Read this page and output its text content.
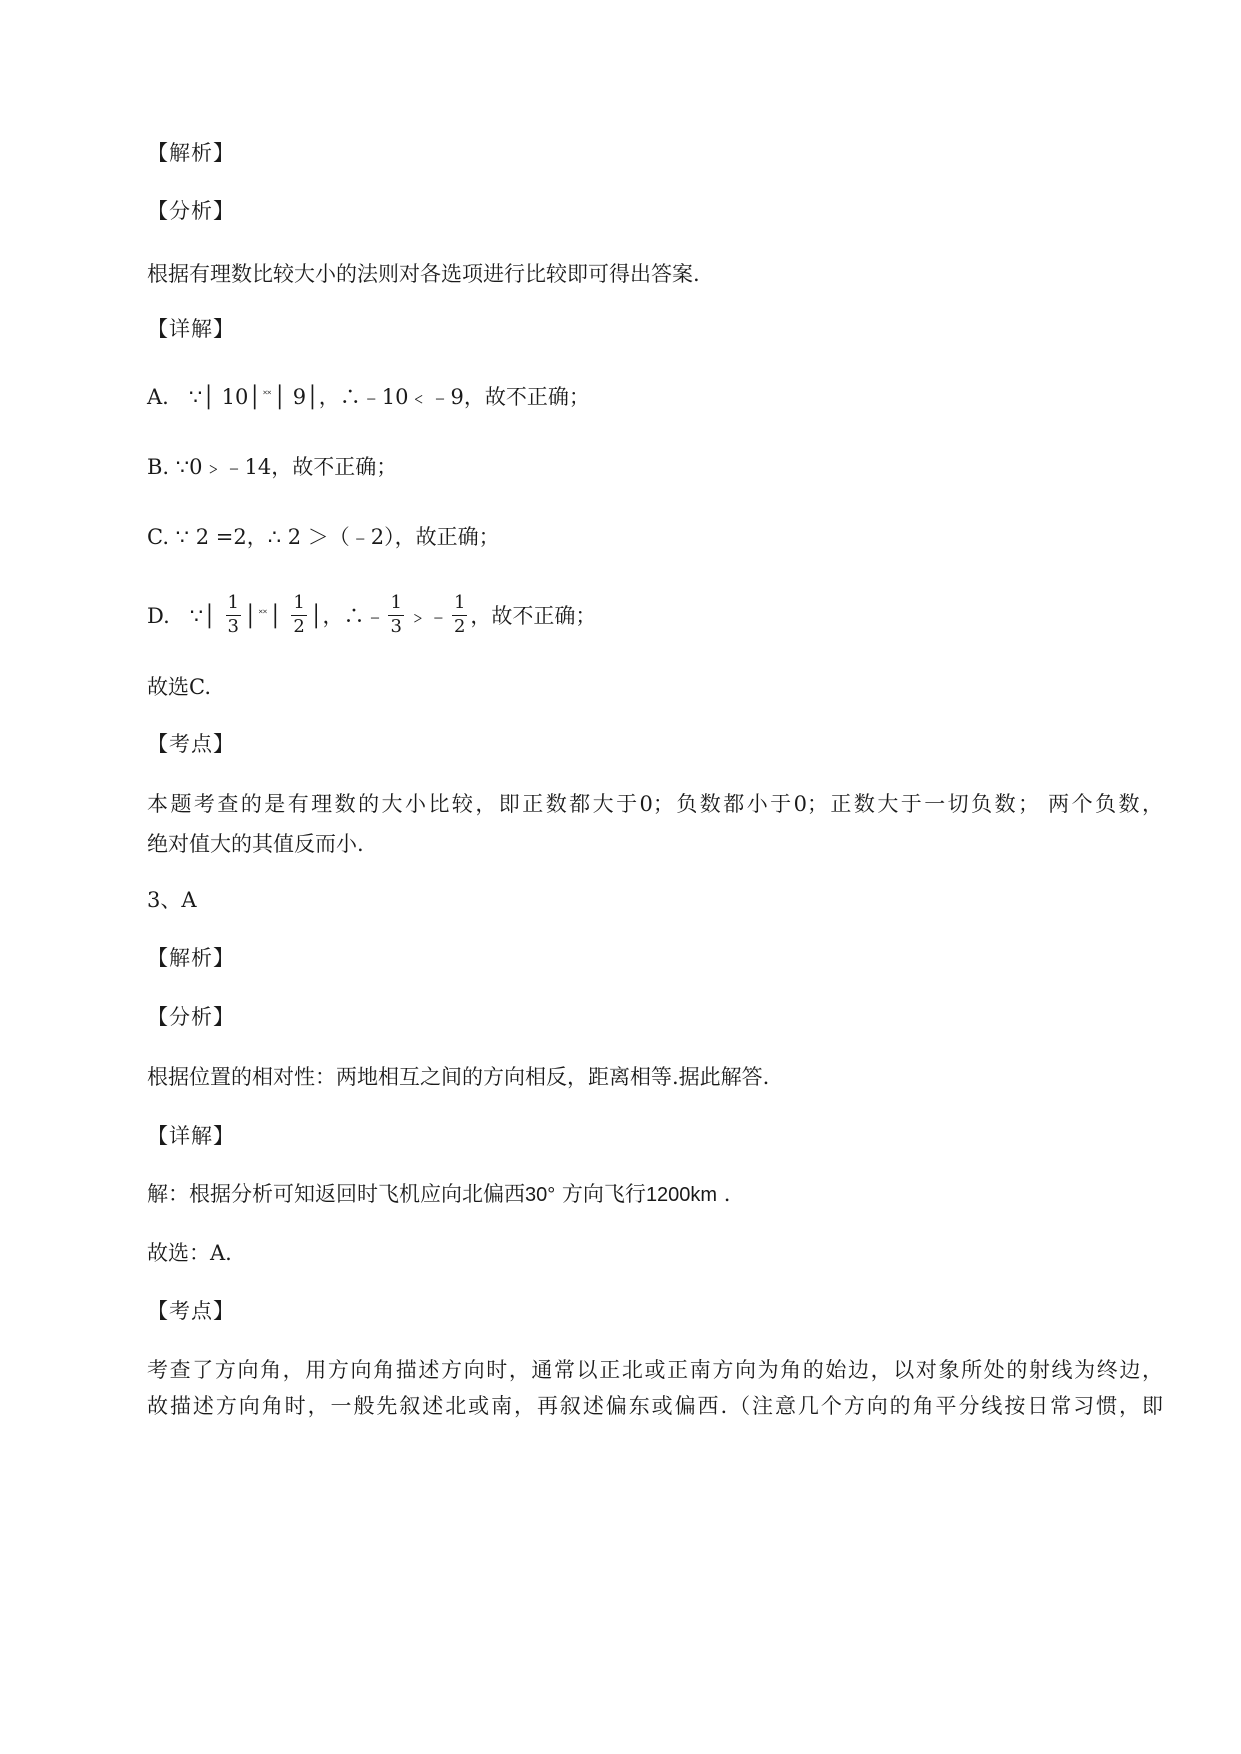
【解析】
【分析】
根据有理数比较大小的法则对各选项进行比较即可得出答案.
【详解】
A. ∵│ 10│ ˟˟│ 9│，∴﹣10﹤﹣9，故不正确；
B. ∵0﹥﹣14，故不正确；
C. ∵ 2 =2，∴ 2 ＞（﹣2），故正确；
D. ∵│ $\frac{1}{3}$ │ ˟˟│ $\frac{1}{2}$ │，∴﹣ $\frac{1}{3}$ ﹥﹣ $\frac{1}{2}$ ，故不正确；
故选C.
【考点】
本题考查的是有理数的大小比较，即正数都大于0；负数都小于0；正数大于一切负数； 两个负数，
绝对值大的其值反而小.
3、A
【解析】
【分析】
根据位置的相对性：两地相互之间的方向相反，距离相等.据此解答.
【详解】
解：根据分析可知返回时飞机应向北偏西30° 方向飞行1200km .
故选：A.
【考点】
考查了方向角，用方向角描述方向时，通常以正北或正南方向为角的始边，以对象所处的射线为终边，
故描述方向角时，一般先叙述北或南，再叙述偏东或偏西.（注意几个方向的角平分线按日常习惯，即
